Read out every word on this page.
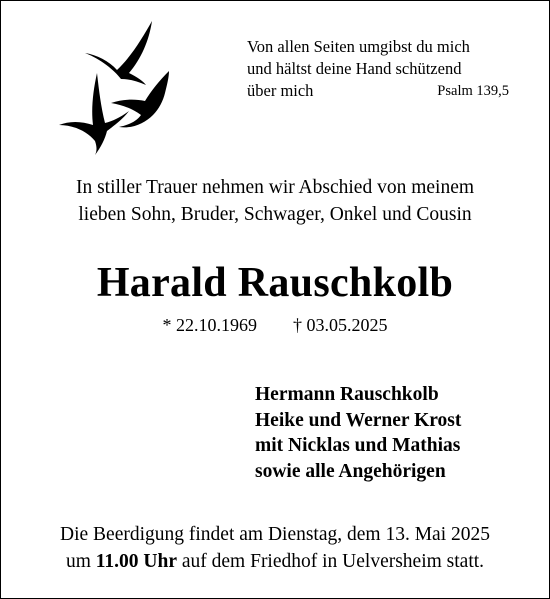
Von allen Seiten umgibst du mich
und hältst deine Hand schützend
über mich	Psalm 139,5
In stiller Trauer nehmen wir Abschied von meinem
lieben Sohn, Bruder, Schwager, Onkel und Cousin
Harald Rauschkolb
* 22.10.1969 † 03.05.2025
Hermann Rauschkolb
Heike und Werner Krost
mit Nicklas und Mathias
sowie alle Angehörigen
Die Beerdigung findet am Dienstag, dem 13. Mai 2025
um 11.00 Uhr auf dem Friedhof in Uelversheim statt.
